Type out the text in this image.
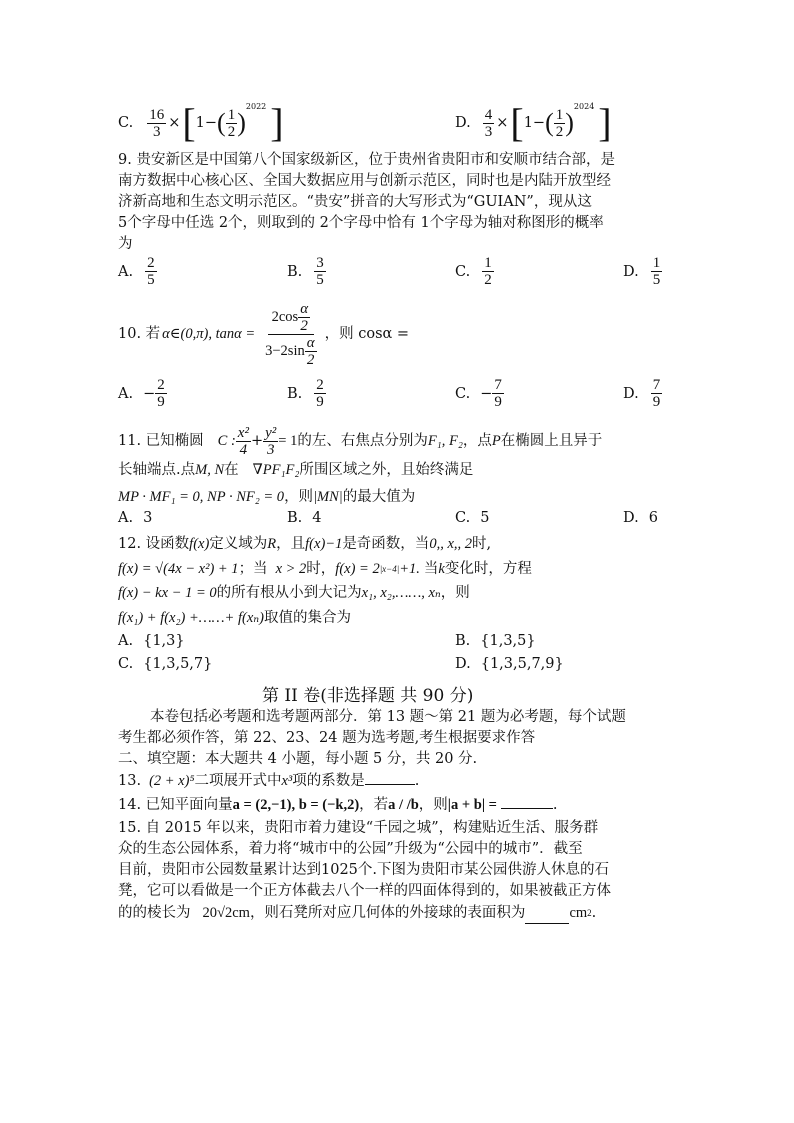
C. $\frac{16}{3}$ × [ 1− ( $\frac{1}{2}$ )
2022 ]	D. $\frac{4}{3}$ × [ 1− ( $\frac{1}{2}$ )
2024 ]
9. 贵安新区是中国第八个国家级新区，位于贵州省贵阳市和安顺市结合部，是
南方数据中心核心区、全国大数据应用与创新示范区，同时也是内陆开放型经
济新高地和生态文明示范区。“贵安”拼音的大写形式为“GUIAN”，现从这
5个字母中任选 2个，则取到的 2个字母中恰有 1个字母为轴对称图形的概率
为
A. $\frac{2}{5}$	B. $\frac{3}{5}$	C. $\frac{1}{2}$	D. $\frac{1}{5}$
10. 若 α∈(0,π), $\tan\alpha = \frac{2\cos \frac{\alpha}{2}}{3-2\sin \frac{\alpha}{2}}$ ，则 cosα =
A. − $\frac{2}{9}$	B. $\frac{2}{9}$	C. − $\frac{7}{9}$	D. $\frac{7}{9}$
11. 已知椭圆 C : $\frac{\text{x²}}{4} + \frac{\text{y²}}{3} = 1$ 的左、右焦点分别为 F₁, F₂ ，点 P 在椭圆上且异于
长轴端点.点 M, N 在 ∇PF₁F₂ 所围区域之外，且始终满足
MP · MF₁ = 0, NP · NF₂ = 0 ，则 |MN| 的最大值为
A. 3	B. 4	C. 5	D. 6
12. 设函数 f(x) 定义域为 R ，且 f(x)−1 是奇函数，当 0,, x,, 2 时,
f(x) = √(4x − x²) + 1 ；当 x > 2 时， f(x) = 2 |x−4| +1. 当 k 变化时，方程
f(x) − kx − 1 = 0 的所有根从小到大记为 x₁, x₂,……, xₙ ，则
f(x₁) + f(x₂) +……+ f(xₙ) 取值的集合为
A. {1,3}	B. {1,3,5}
C. {1,3,5,7}	D. {1,3,5,7,9}
第 II 卷(非选择题 共 90 分)
本卷包括必考题和选考题两部分．第 13 题～第 21 题为必考题，每个试题
考生都必须作答，第 22、23、24 题为选考题,考生根据要求作答
二、填空题：本大题共 4 小题，每小题 5 分，共 20 分.
13. (2 + x)⁵ 二项展开式中 x³ 项的系数是	.
14. 已知平面向量 a = (2,−1), b = (−k,2) ，若 a / /b ，则 |a + b| =	.
15. 自 2015 年以来，贵阳市着力建设“千园之城”，构建贴近生活、服务群
众的生态公园体系，着力将“城市中的公园”升级为“公园中的城市”．截至
目前，贵阳市公园数量累计达到1025个.下图为贵阳市某公园供游人休息的石
凳，它可以看做是一个正方体截去八个一样的四面体得到的，如果被截正方体
的的棱长为 20√2cm ，则石凳所对应几何体的外接球的表面积为	cm 2 .
